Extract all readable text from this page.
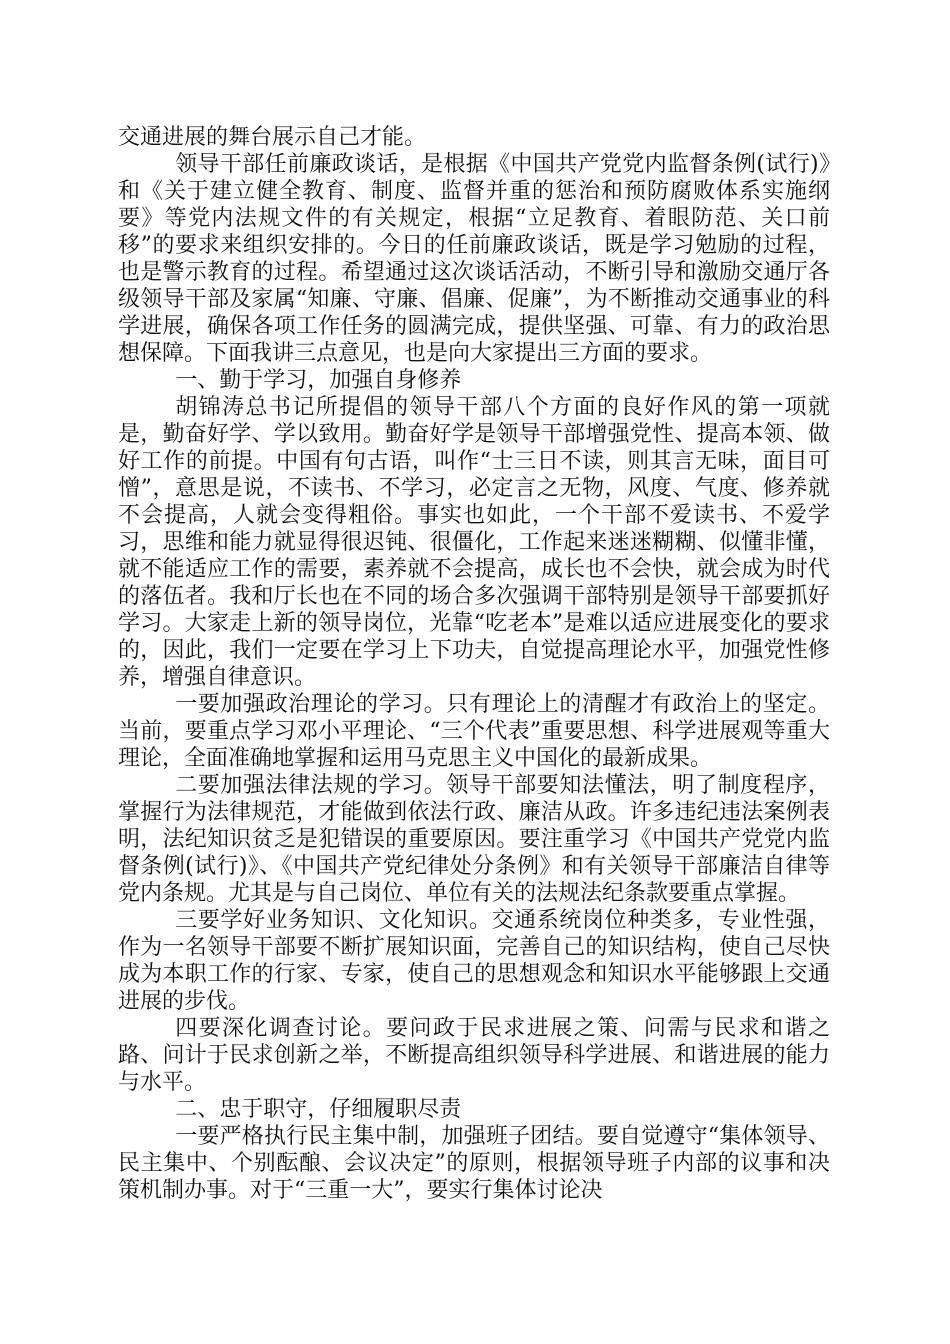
交通进展的舞台展示自己才能。

领导干部任前廉政谈话，是根据《中国共产党党内监督条例(试行)》和《关于建立健全教育、制度、监督并重的惩治和预防腐败体系实施纲要》等党内法规文件的有关规定，根据“立足教育、着眼防范、关口前移”的要求来组织安排的。今日的任前廉政谈话，既是学习勉励的过程，也是警示教育的过程。希望通过这次谈话活动，不断引导和激励交通厅各级领导干部及家属“知廉、守廉、倡廉、促廉”，为不断推动交通事业的科学进展，确保各项工作任务的圆满完成，提供坚强、可靠、有力的政治思想保障。下面我讲三点意见，也是向大家提出三方面的要求。

一、勤于学习，加强自身修养

胡锦涛总书记所提倡的领导干部八个方面的良好作风的第一项就是，勤奋好学、学以致用。勤奋好学是领导干部增强党性、提高本领、做好工作的前提。中国有句古语，叫作“士三日不读，则其言无味，面目可憎”，意思是说，不读书、不学习，必定言之无物，风度、气度、修养就不会提高，人就会变得粗俗。事实也如此，一个干部不爱读书、不爱学习，思维和能力就显得很迟钝、很僵化，工作起来迷迷糊糊、似懂非懂，就不能适应工作的需要，素养就不会提高，成长也不会快，就会成为时代的落伍者。我和厅长也在不同的场合多次强调干部特别是领导干部要抓好学习。大家走上新的领导岗位，光靠“吃老本”是难以适应进展变化的要求的，因此，我们一定要在学习上下功夫，自觉提高理论水平，加强党性修养，增强自律意识。

一要加强政治理论的学习。只有理论上的清醒才有政治上的坚定。当前，要重点学习邓小平理论、“三个代表”重要思想、科学进展观等重大理论，全面准确地掌握和运用马克思主义中国化的最新成果。

二要加强法律法规的学习。领导干部要知法懂法，明了制度程序，掌握行为法律规范，才能做到依法行政、廉洁从政。许多违纪违法案例表明，法纪知识贫乏是犯错误的重要原因。要注重学习《中国共产党党内监督条例(试行)》、《中国共产党纪律处分条例》和有关领导干部廉洁自律等党内条规。尤其是与自己岗位、单位有关的法规法纪条款要重点掌握。

三要学好业务知识、文化知识。交通系统岗位种类多，专业性强，作为一名领导干部要不断扩展知识面，完善自己的知识结构，使自己尽快成为本职工作的行家、专家，使自己的思想观念和知识水平能够跟上交通进展的步伐。

四要深化调查讨论。要问政于民求进展之策、问需与民求和谐之路、问计于民求创新之举，不断提高组织领导科学进展、和谐进展的能力与水平。

二、忠于职守，仔细履职尽责

一要严格执行民主集中制，加强班子团结。要自觉遵守“集体领导、民主集中、个别酝酿、会议决定”的原则，根据领导班子内部的议事和决策机制办事。对于“三重一大”，要实行集体讨论决
